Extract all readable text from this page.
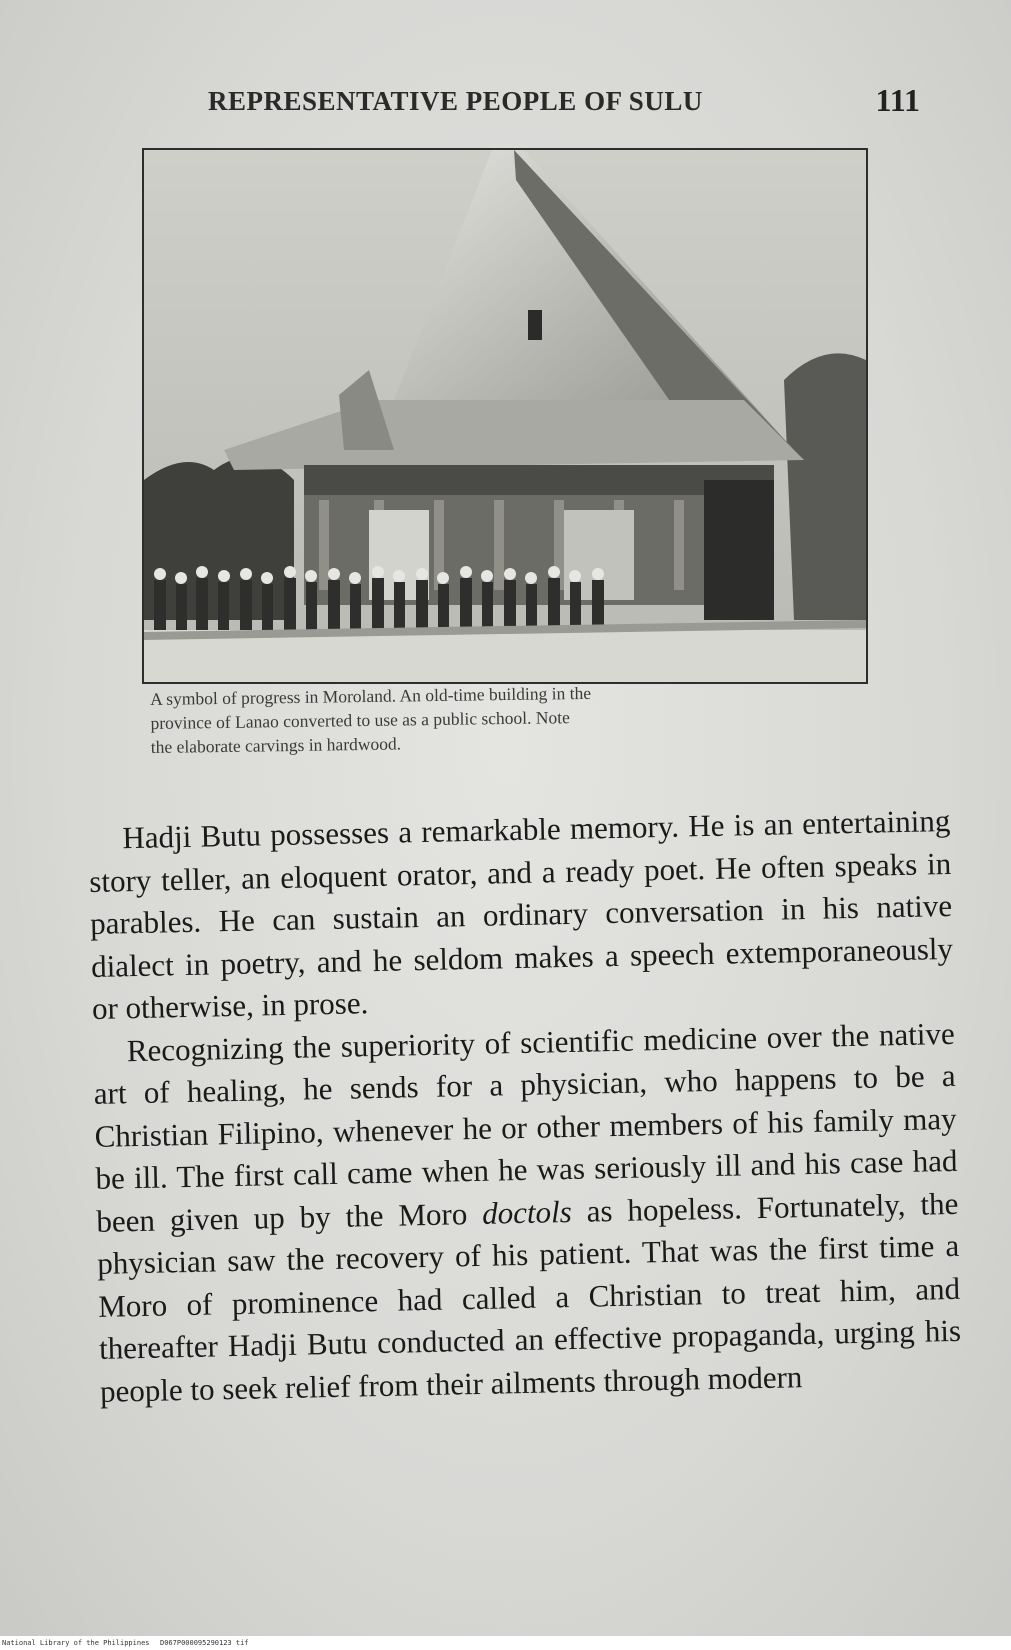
REPRESENTATIVE PEOPLE OF SULU	111

A symbol of progress in Moroland. An old-time building in the

province of Lanao converted to use as a public school. Note

the elaborate carvings in hardwood.

Hadji Butu possesses a remarkable memory. He is an entertaining story teller, an eloquent orator, and a ready poet. He often speaks in parables. He can sustain an ordinary conversation in his native dialect in poetry, and he seldom makes a speech extemporaneously or otherwise, in prose.

Recognizing the superiority of scientific medicine over the native art of healing, he sends for a physician, who happens to be a Christian Filipino, whenever he or other members of his family may be ill. The first call came when he was seriously ill and his case had been given up by the Moro doctols as hopeless. Fortunately, the physician saw the recovery of his patient. That was the first time a Moro of prominence had called a Christian to treat him, and thereafter Hadji Butu conducted an effective propaganda, urging his people to seek relief from their ailments through modern

National Library of the Philippines D067P000095290123 tif
